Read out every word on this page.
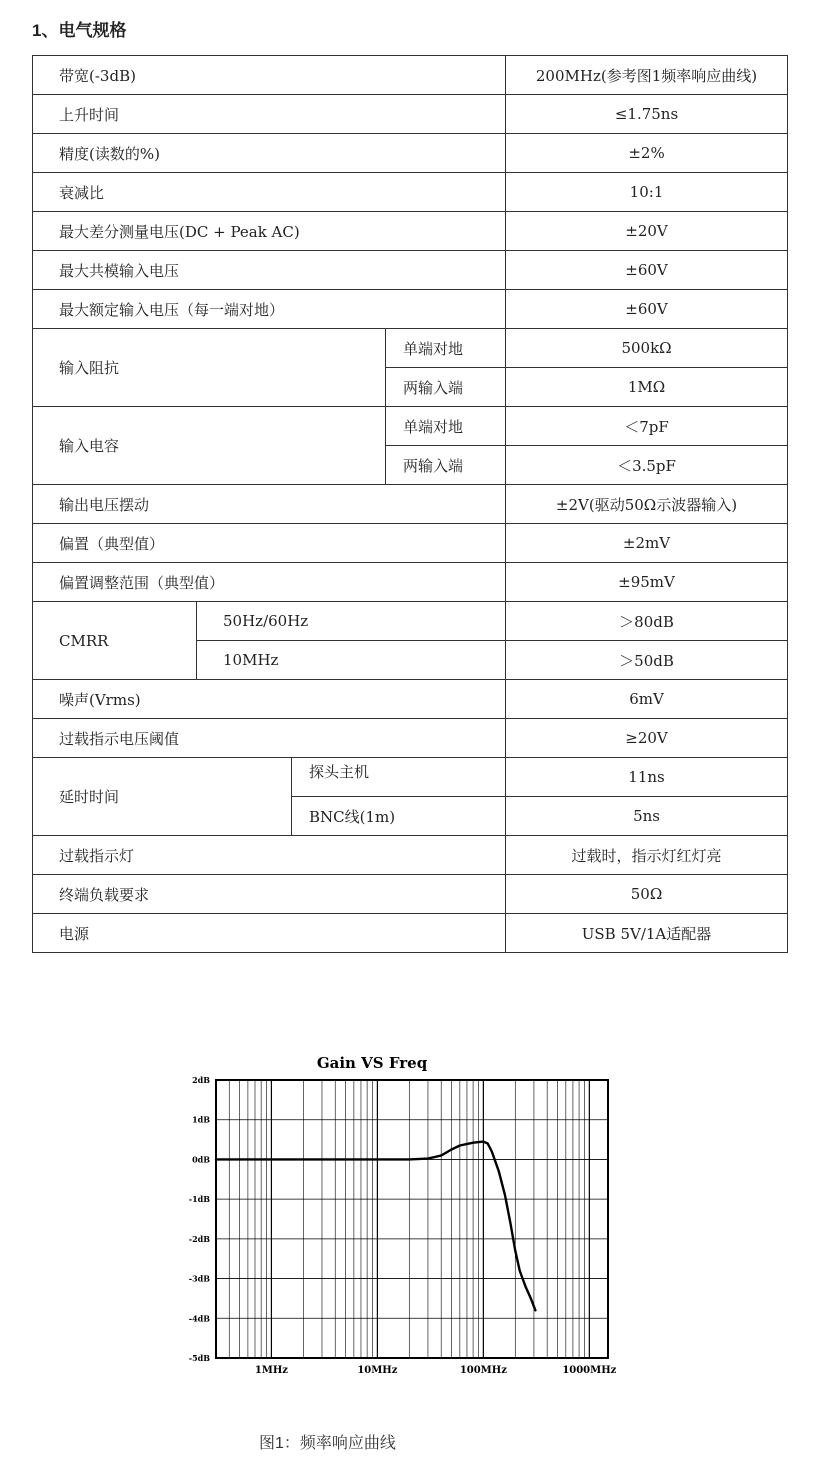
1、电气规格
带宽(-3dB)				200MHz(参考图1频率响应曲线)
上升时间				≤1.75ns
精度(读数的%)				±2%
衰减比				10:1
最大差分测量电压(DC + Peak AC)				±20V
最大共模输入电压				±60V
最大额定输入电压（每一端对地）				±60V
输入阻抗			单端对地	500kΩ
			两输入端	1MΩ
输入电容			单端对地	＜7pF
			两输入端	＜3.5pF
输出电压摆动				±2V(驱动50Ω示波器输入)
偏置（典型值）				±2mV
偏置调整范围（典型值）				±95mV
CMRR	50Hz/60Hz			＞80dB
	10MHz			＞50dB
噪声(Vrms)				6mV
过载指示电压阈值				≥20V
延时时间		探头主机		11ns
		BNC线(1m)		5ns
过载指示灯				过载时，指示灯红灯亮
终端负载要求				50Ω
电源				USB 5V/1A适配器
Gain VS Freq
2dB
1dB
0dB
-1dB
-2dB
-3dB
-4dB
-5dB
1MHz	10MHz	100MHz	1000MHz
图1：频率响应曲线
